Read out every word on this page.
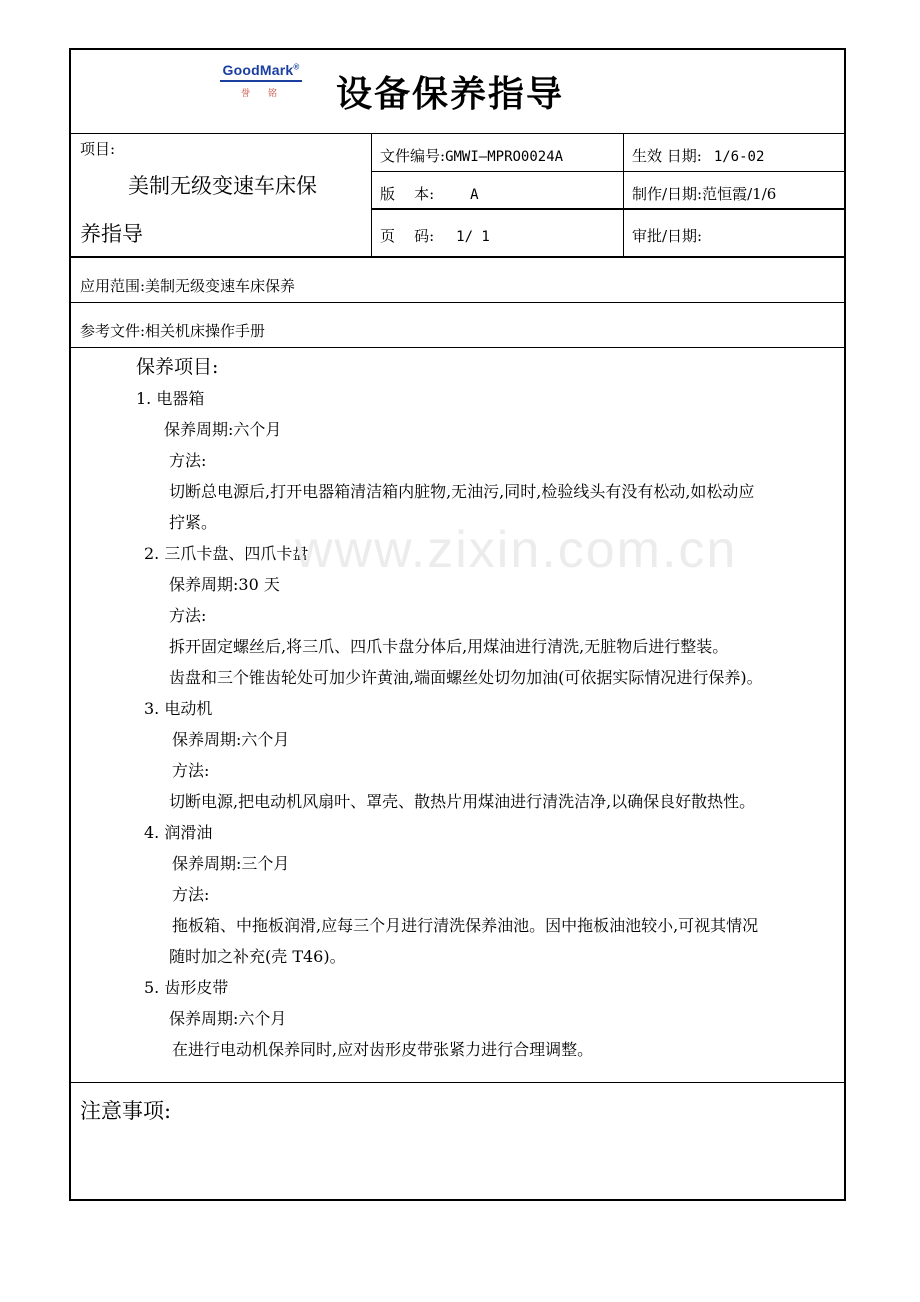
GoodMark®
誉铭	设备保养指导
项目:
美制无级变速车床保
养指导
文件编号:GMWI—MPRO0024A	生效 日期: 1/6-02
版    本:	A	制作/日期:范恒霞/1/6
页    码: 1/ 1	审批/日期:
应用范围:美制无级变速车床保养
参考文件:相关机床操作手册
保养项目:
1. 电器箱
保养周期:六个月
方法:
切断总电源后,打开电器箱清洁箱内脏物,无油污,同时,检验线头有没有松动,如松动应
拧紧。
2. 三爪卡盘、四爪卡盘
保养周期:30 天
方法:
拆开固定螺丝后,将三爪、四爪卡盘分体后,用煤油进行清洗,无脏物后进行整装。
齿盘和三个锥齿轮处可加少许黄油,端面螺丝处切勿加油(可依据实际情况进行保养)。
3. 电动机
保养周期:六个月
方法:
切断电源,把电动机风扇叶、罩壳、散热片用煤油进行清洗洁净,以确保良好散热性。
4. 润滑油
保养周期:三个月
方法:
拖板箱、中拖板润滑,应每三个月进行清洗保养油池。因中拖板油池较小,可视其情况
随时加之补充(壳 T46)。
5. 齿形皮带
保养周期:六个月
在进行电动机保养同时,应对齿形皮带张紧力进行合理调整。
注意事项:
www.zixin.com.cn
